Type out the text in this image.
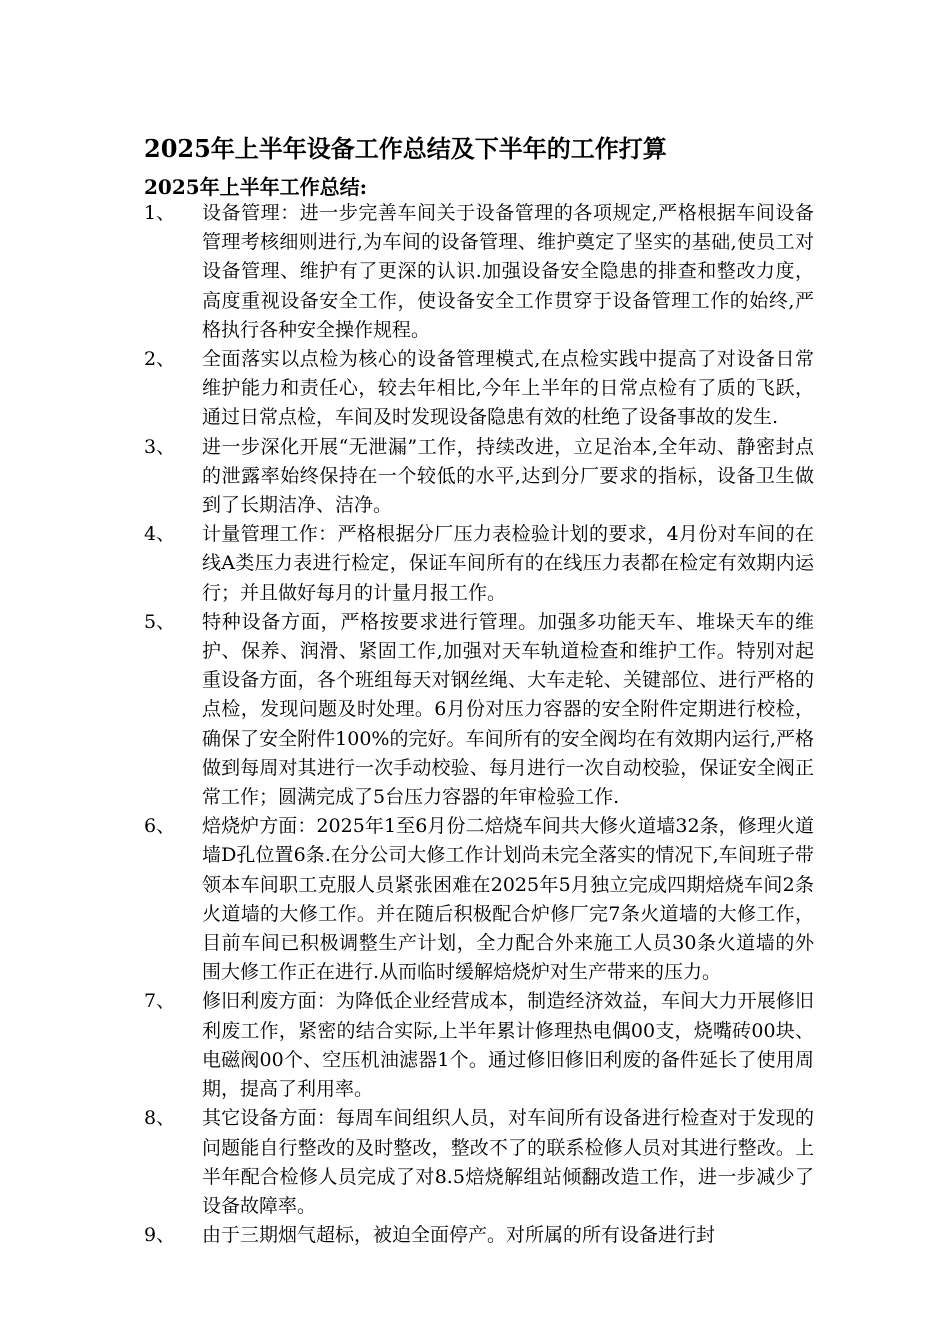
2025年上半年设备工作总结及下半年的工作打算
2025年上半年工作总结:
1、	设备管理：进一步完善车间关于设备管理的各项规定,严格根据车间设备管理考核细则进行,为车间的设备管理、维护奠定了坚实的基础,使员工对设备管理、维护有了更深的认识.加强设备安全隐患的排查和整改力度，高度重视设备安全工作，使设备安全工作贯穿于设备管理工作的始终,严格执行各种安全操作规程。
2、	全面落实以点检为核心的设备管理模式,在点检实践中提高了对设备日常维护能力和责任心，较去年相比,今年上半年的日常点检有了质的飞跃，通过日常点检，车间及时发现设备隐患有效的杜绝了设备事故的发生.
3、	进一步深化开展“无泄漏”工作，持续改进，立足治本,全年动、静密封点的泄露率始终保持在一个较低的水平,达到分厂要求的指标，设备卫生做到了长期洁净、洁净。
4、	计量管理工作：严格根据分厂压力表检验计划的要求，4月份对车间的在线A类压力表进行检定，保证车间所有的在线压力表都在检定有效期内运行；并且做好每月的计量月报工作。
5、	特种设备方面，严格按要求进行管理。加强多功能天车、堆垛天车的维护、保养、润滑、紧固工作,加强对天车轨道检查和维护工作。特别对起重设备方面，各个班组每天对钢丝绳、大车走轮、关键部位、进行严格的点检，发现问题及时处理。6月份对压力容器的安全附件定期进行校检，确保了安全附件100%的完好。车间所有的安全阀均在有效期内运行,严格做到每周对其进行一次手动校验、每月进行一次自动校验，保证安全阀正常工作；圆满完成了5台压力容器的年审检验工作.
6、	焙烧炉方面：2025年1至6月份二焙烧车间共大修火道墙32条，修理火道墙D孔位置6条.在分公司大修工作计划尚未完全落实的情况下,车间班子带领本车间职工克服人员紧张困难在2025年5月独立完成四期焙烧车间2条火道墙的大修工作。并在随后积极配合炉修厂完7条火道墙的大修工作，目前车间已积极调整生产计划，全力配合外来施工人员30条火道墙的外围大修工作正在进行.从而临时缓解焙烧炉对生产带来的压力。
7、	修旧利废方面：为降低企业经营成本，制造经济效益，车间大力开展修旧利废工作，紧密的结合实际,上半年累计修理热电偶00支，烧嘴砖00块、电磁阀00个、空压机油滤器1个。通过修旧修旧利废的备件延长了使用周期，提高了利用率。
8、	其它设备方面：每周车间组织人员，对车间所有设备进行检查对于发现的问题能自行整改的及时整改，整改不了的联系检修人员对其进行整改。上半年配合检修人员完成了对8.5焙烧解组站倾翻改造工作，进一步减少了设备故障率。
9、	由于三期烟气超标，被迫全面停产。对所属的所有设备进行封
